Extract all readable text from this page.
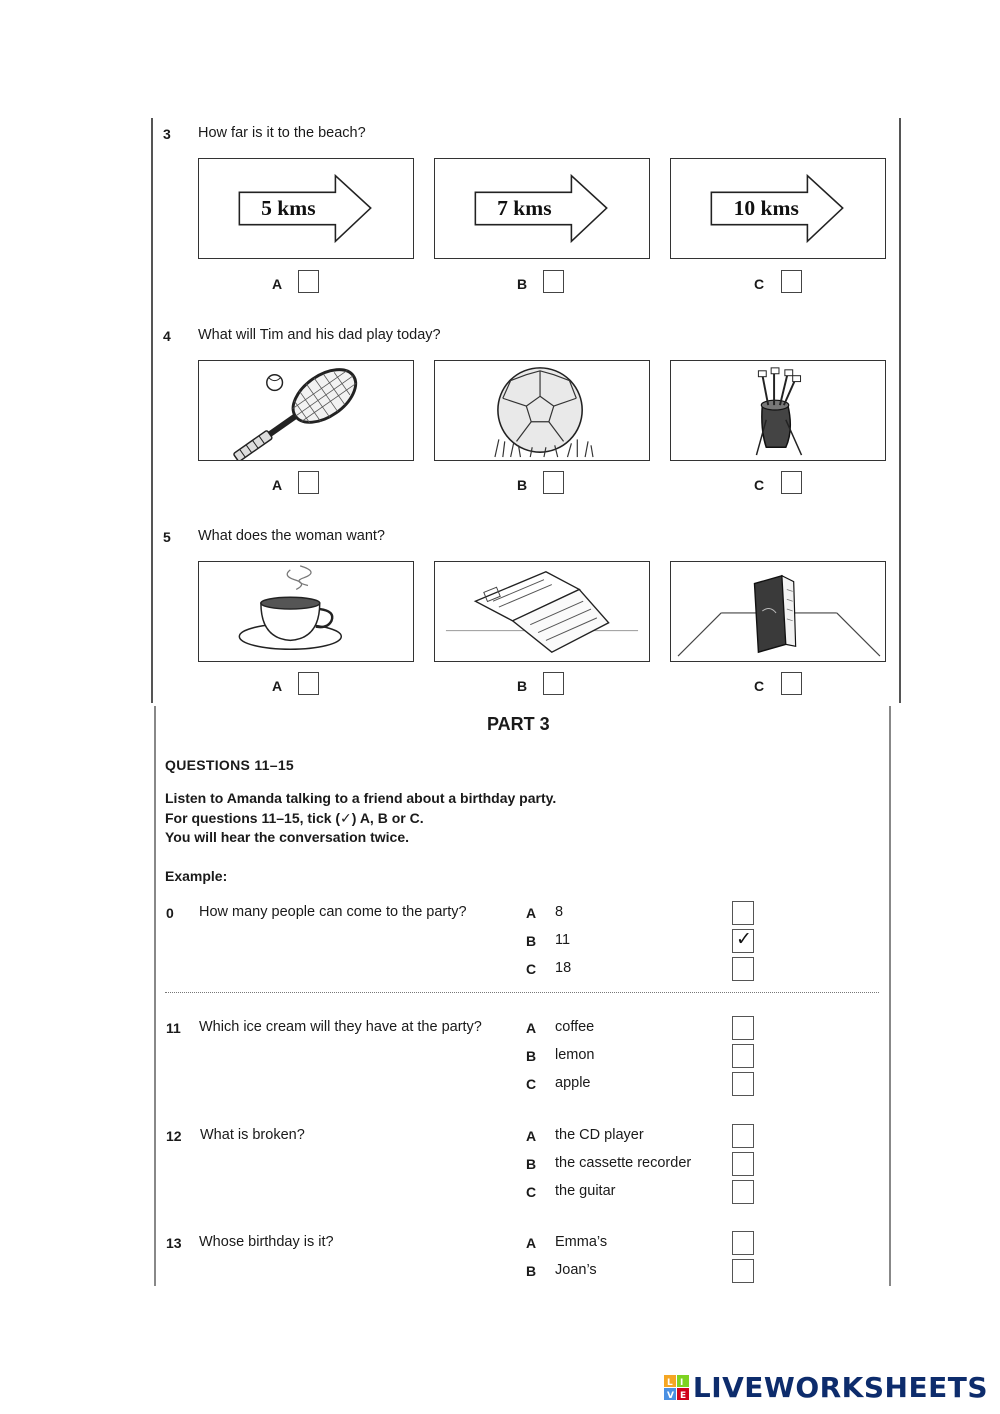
3 How far is it to the beach?
5 kms	7 kms	10 kms
A	B	C
4 What will Tim and his dad play today?
A	B	C
5 What does the woman want?
A	B	C
PART 3
QUESTIONS 11–15
Listen to Amanda talking to a friend about a birthday party.
For questions 11–15, tick (✓) A, B or C.
You will hear the conversation twice.
Example:
0 How many people can come to the party?	A 8
B 11	✓
C 18
11 Which ice cream will they have at the party?	A coffee
B lemon
C apple
12 What is broken?	A the CD player
B the cassette recorder
C the guitar
13 Whose birthday is it?	A Emma’s
B Joan’s
L I V E LIVEWORKSHEETS
